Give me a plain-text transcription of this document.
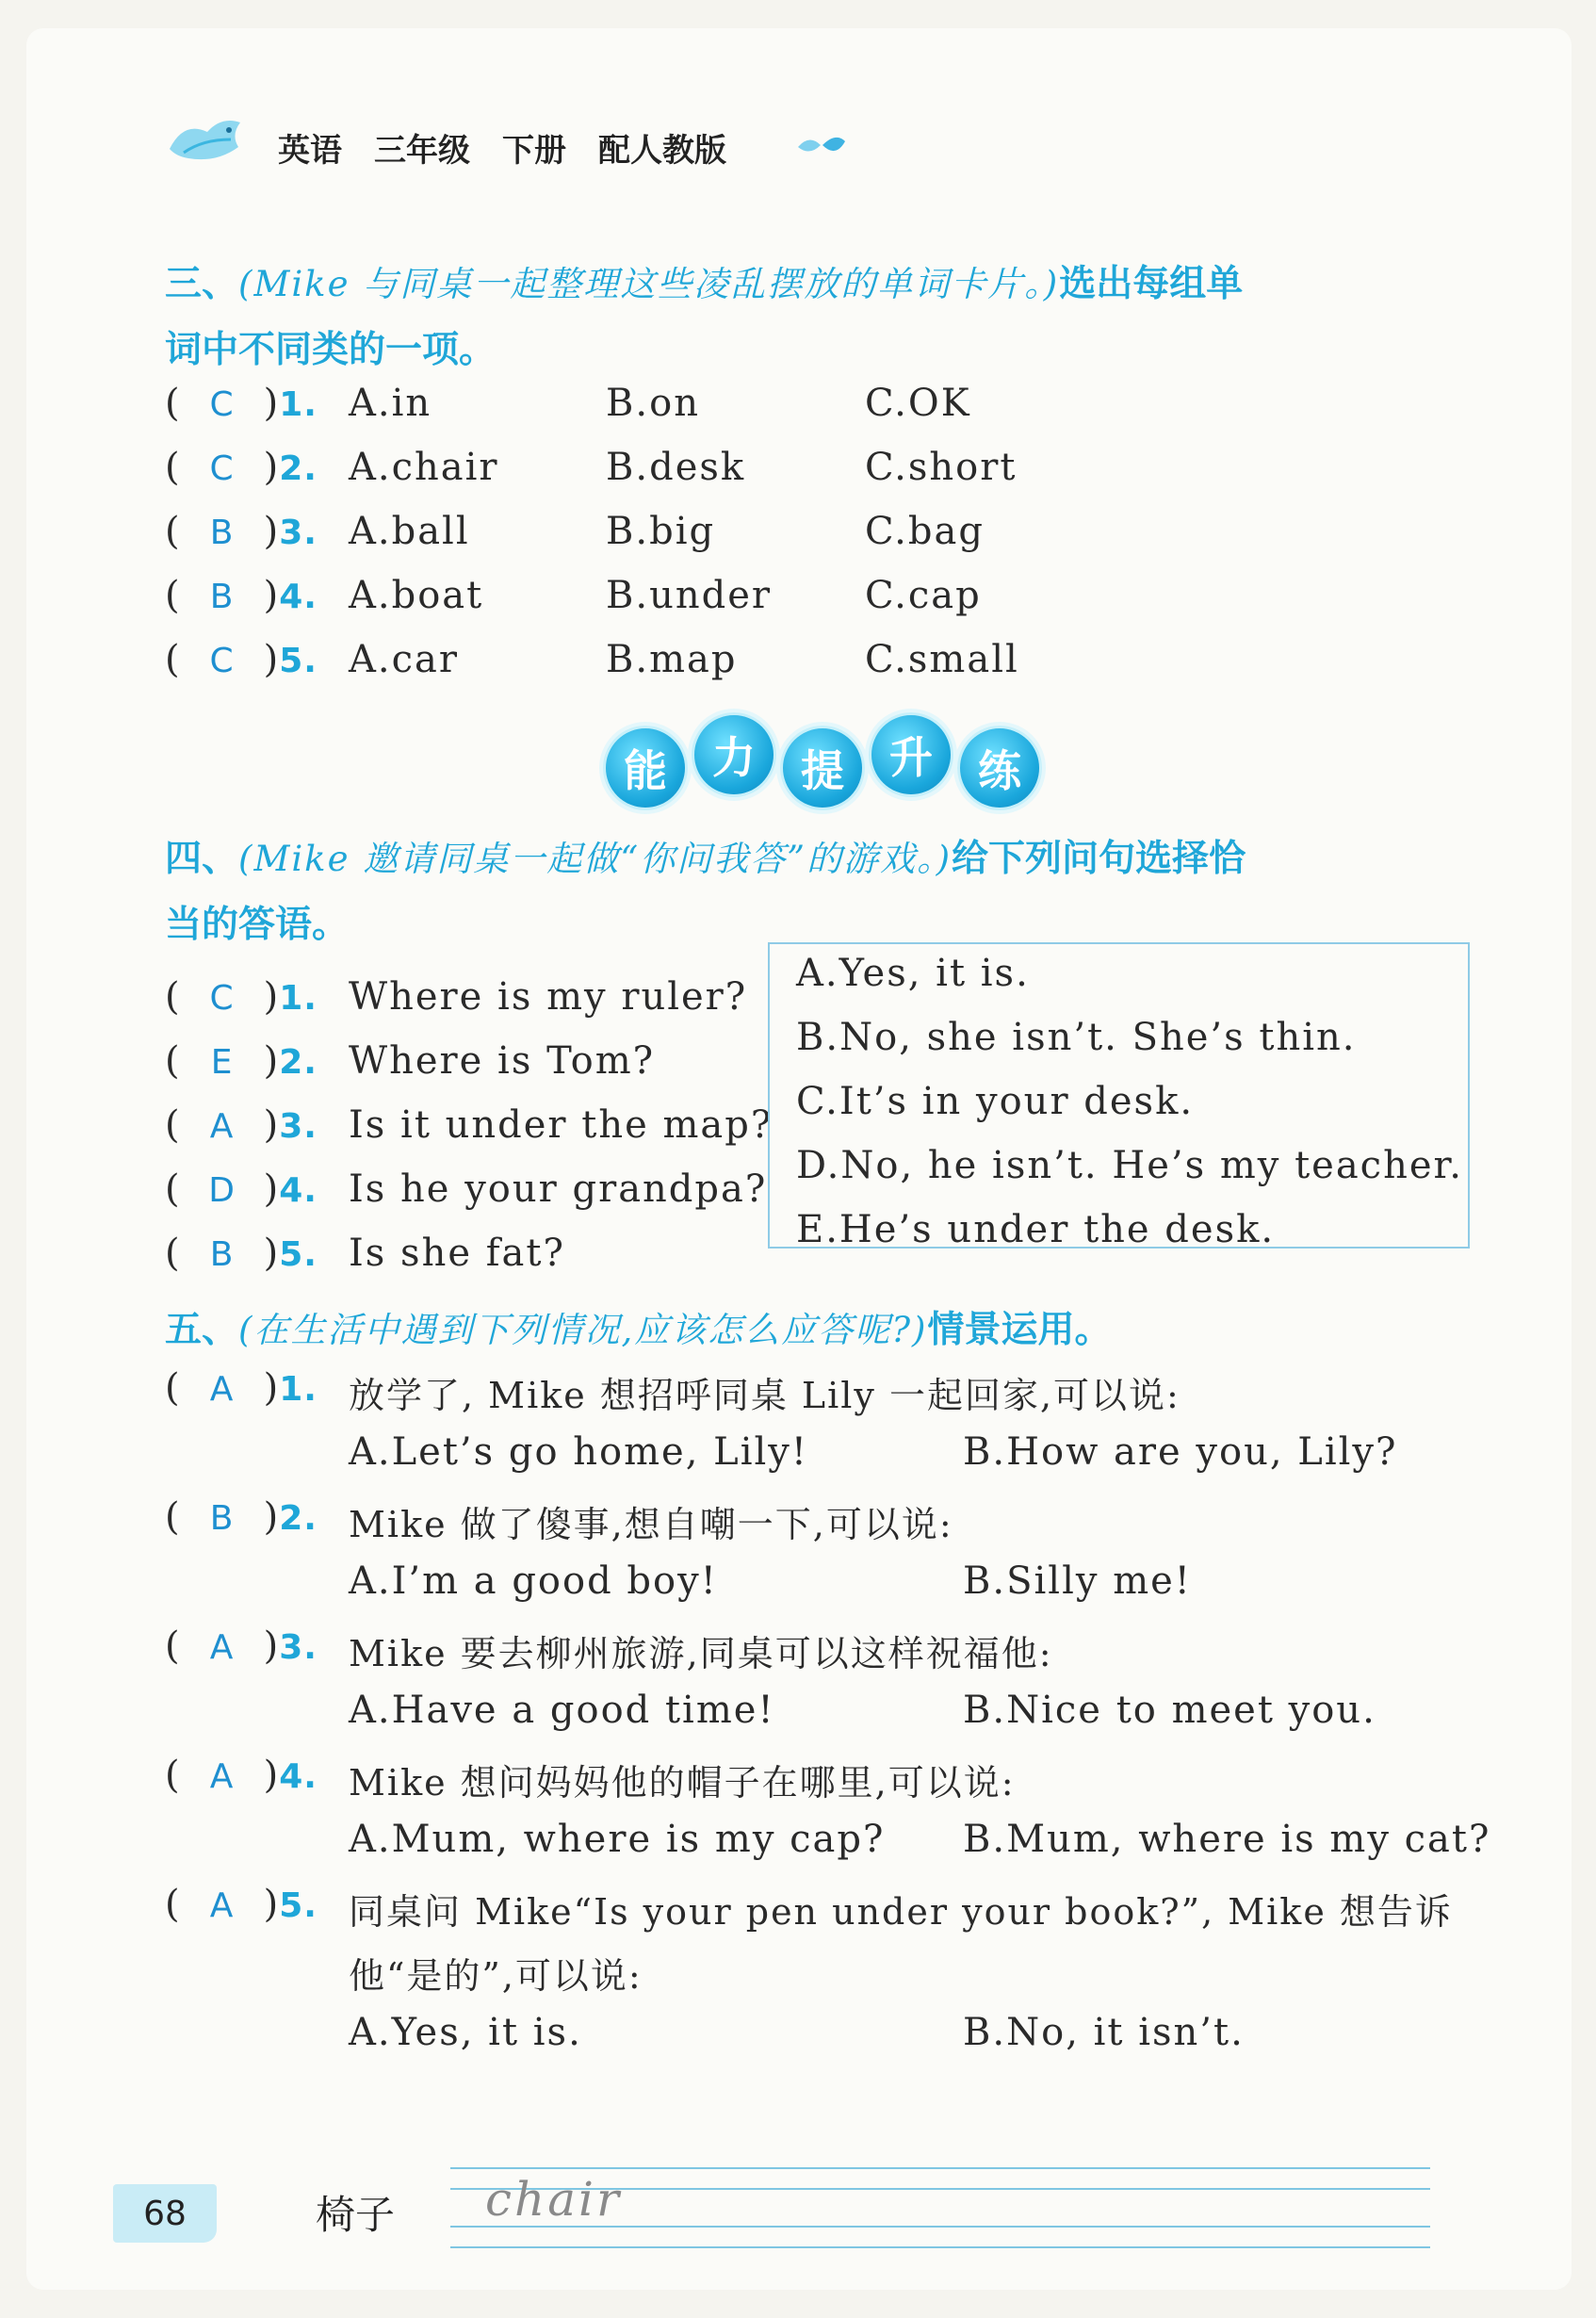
英语 三年级 下册 配人教版
三、(Mike 与同桌一起整理这些凌乱摆放的单词卡片。)选出每组单
词中不同类的一项。
( C )1. A.in	B.on	C.OK
( C )2. A.chair	B.desk	C.short
( B )3. A.ball	B.big	C.bag
( B )4. A.boat	B.under C.cap
( C )5. A.car	B.map	C.small
能	力	提	升	练
四、(Mike 邀请同桌一起做“你问我答”的游戏。)给下列问句选择恰
当的答语。
( C )1. Where is my ruler?
( E )2. Where is Tom?
( A )3. Is it under the map?
( D )4. Is he your grandpa?
( B )5. Is she fat?
A.Yes, it is.
B.No, she isn’t. She’s thin.
C.It’s in your desk.
D.No, he isn’t. He’s my teacher.
E.He’s under the desk.
五、(在生活中遇到下列情况,应该怎么应答呢?)情景运用。
( A )1. 放学了, Mike 想招呼同桌 Lily 一起回家,可以说:
A.Let’s go home, Lily!	B.How are you, Lily?
( B )2. Mike 做了傻事,想自嘲一下,可以说:
A.I’m a good boy!	B.Silly me!
( A )3. Mike 要去柳州旅游,同桌可以这样祝福他:
A.Have a good time!	B.Nice to meet you.
( A )4. Mike 想问妈妈他的帽子在哪里,可以说:
A.Mum, where is my cap? B.Mum, where is my cat?
( A )5. 同桌问 Mike“Is your pen under your book?”, Mike 想告诉
他“是的”,可以说:
A.Yes, it is.	B.No, it isn’t.
68	椅子 chair
